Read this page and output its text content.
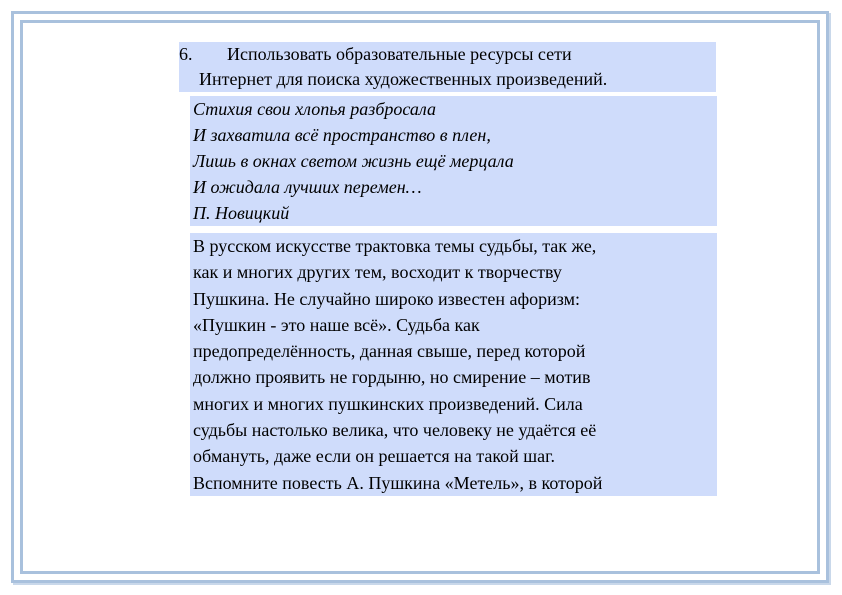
6. Использовать образовательные ресурсы сети
Интернет для поиска художественных произведений.
Стихия свои хлопья разбросала
И захватила всё пространство в плен,
Лишь в окнах светом жизнь ещё мерцала
И ожидала лучших перемен…
П. Новицкий
В русском искусстве трактовка темы судьбы, так же,
как и многих других тем, восходит к творчеству
Пушкина. Не случайно широко известен афоризм:
«Пушкин - это наше всё». Судьба как
предопределённость, данная свыше, перед которой
должно проявить не гордыню, но смирение – мотив
многих и многих пушкинских произведений. Сила
судьбы настолько велика, что человеку не удаётся её
обмануть, даже если он решается на такой шаг.
Вспомните повесть А. Пушкина «Метель», в которой
